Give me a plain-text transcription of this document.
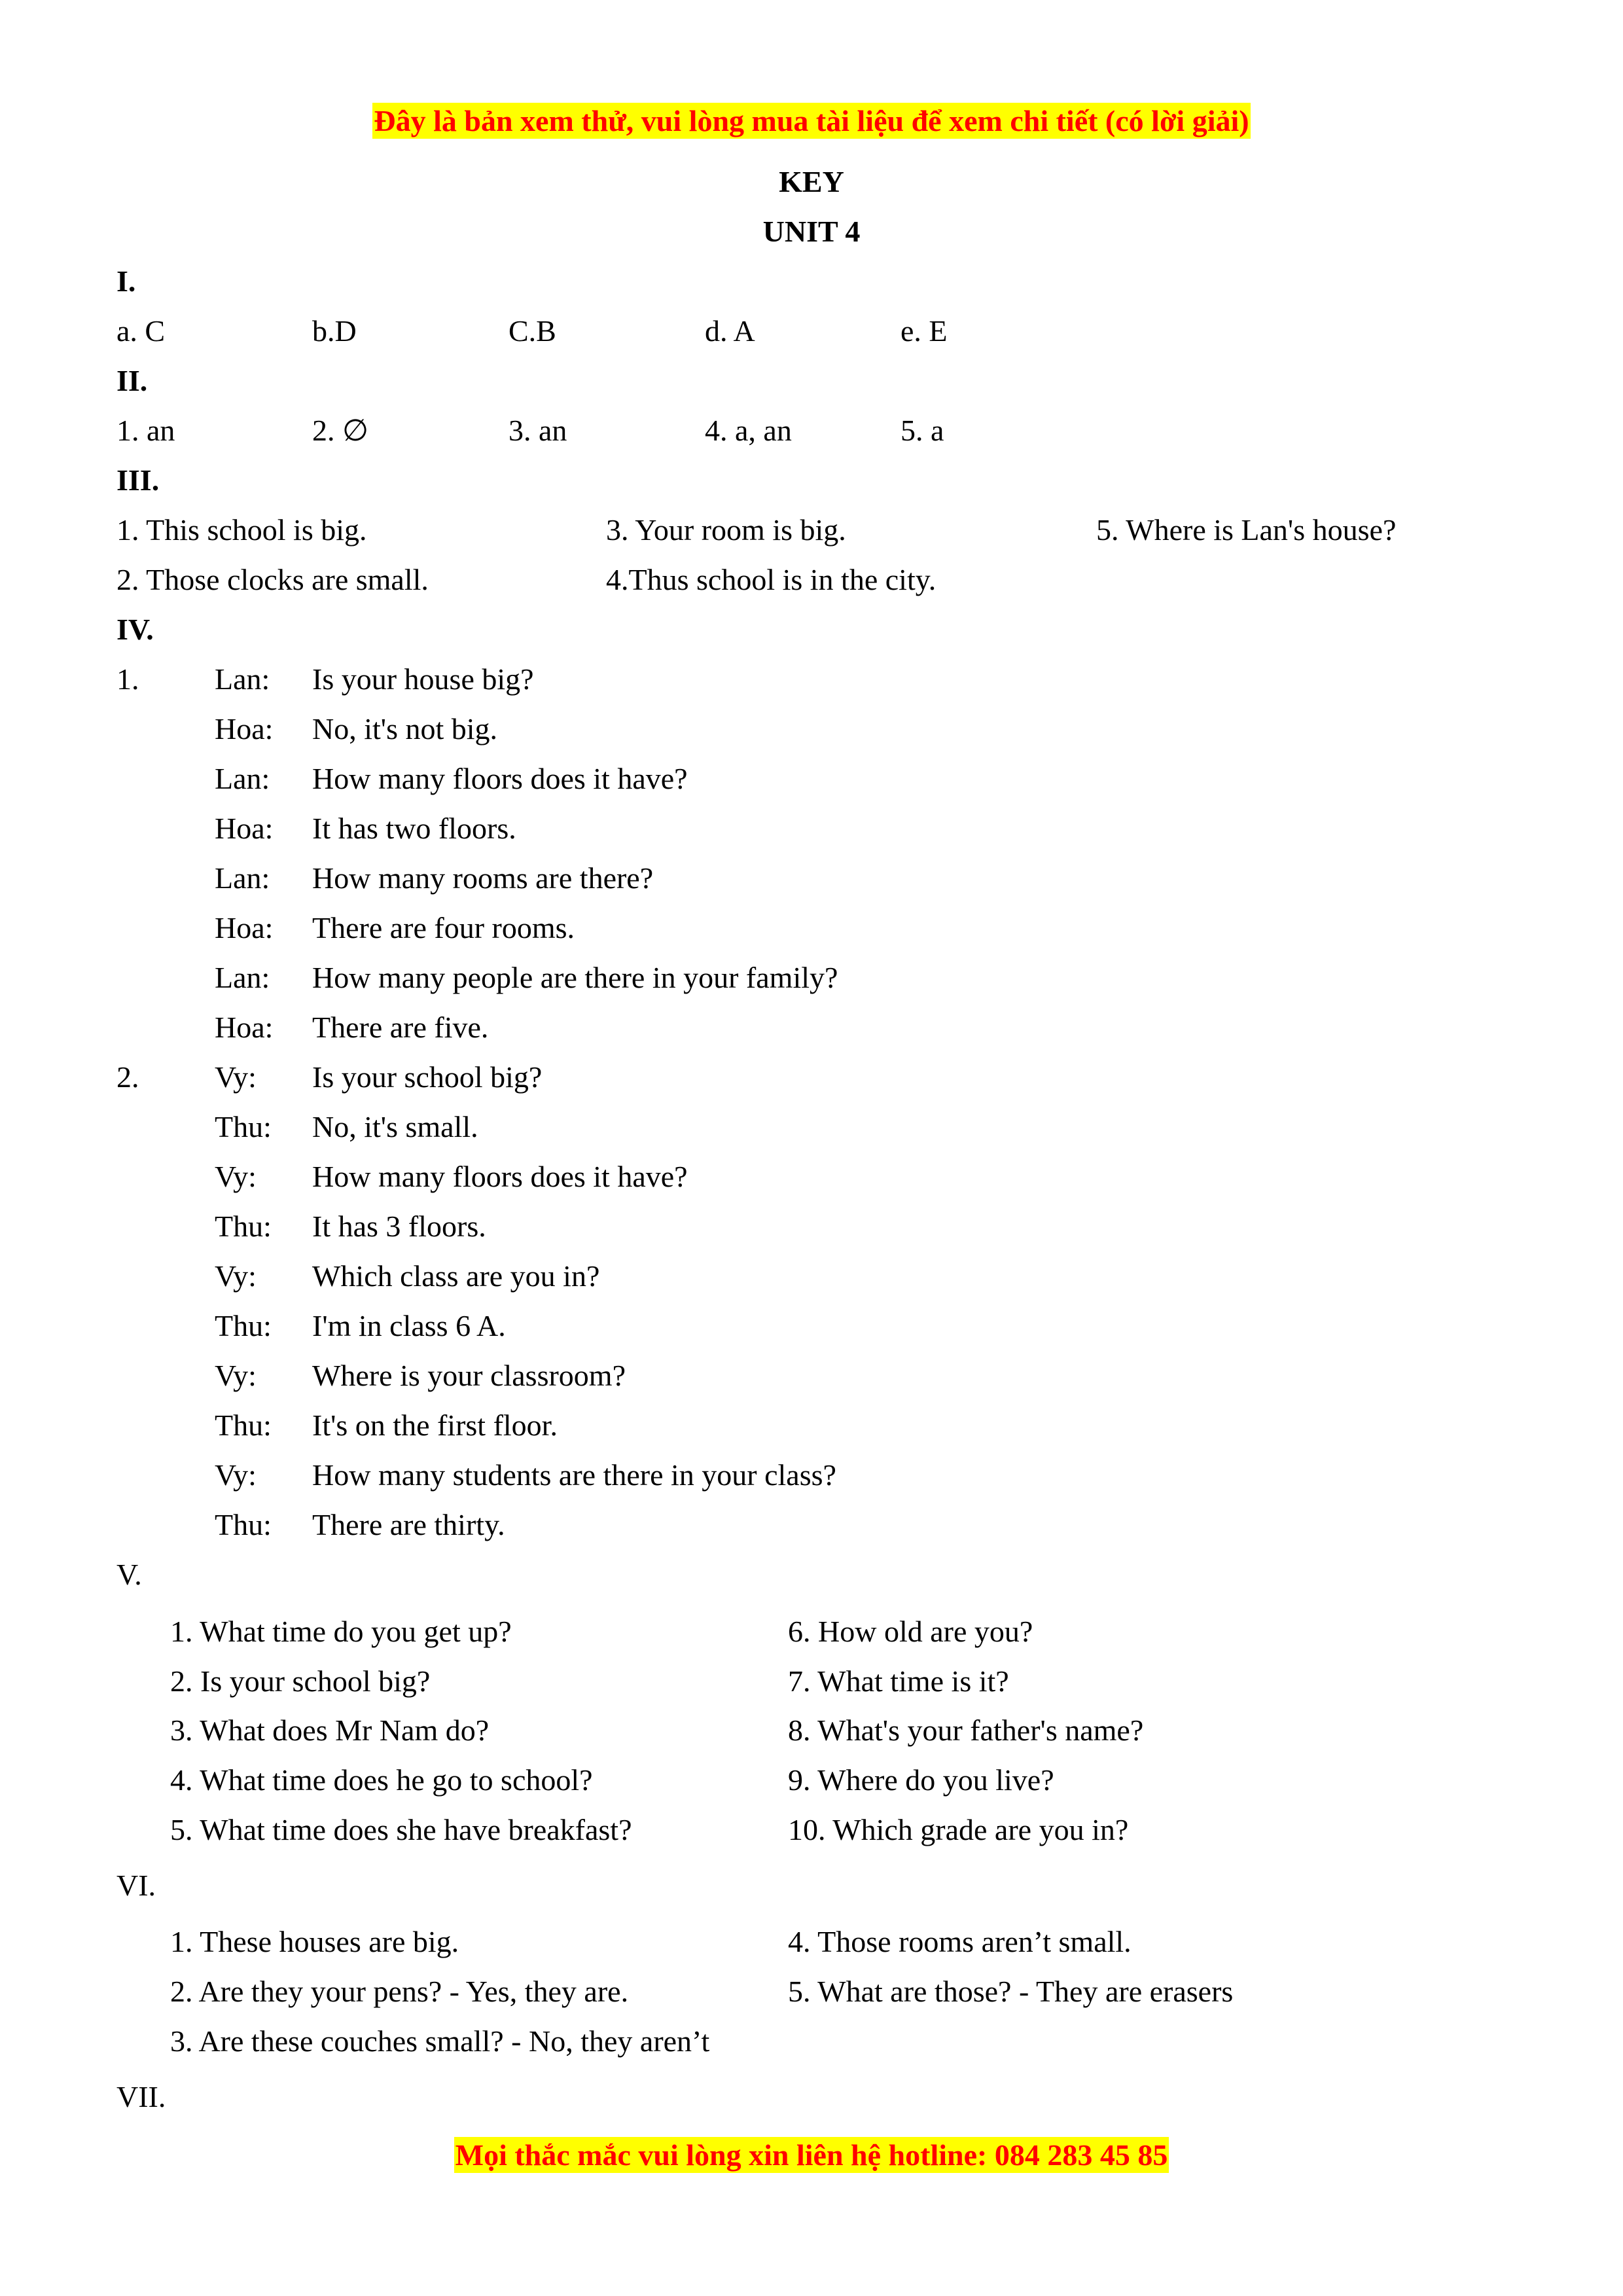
Đây là bản xem thử, vui lòng mua tài liệu để xem chi tiết (có lời giải)
KEY
UNIT 4
I.
a. C	b.D	C.B	d. A	e. E
II.
1. an	2. ∅	3. an	4. a, an	5. a
III.
1. This school is big.	3. Your room is big.	5. Where is Lan's house?
2. Those clocks are small.	4.Thus school is in the city.
IV.
1.	Lan: Is your house big?
Hoa: No, it's not big.
Lan: How many floors does it have?
Hoa: It has two floors.
Lan: How many rooms are there?
Hoa: There are four rooms.
Lan: How many people are there in your family?
Hoa: There are five.
2.	Vy: Is your school big?
Thu: No, it's small.
Vy: How many floors does it have?
Thu: It has 3 floors.
Vy: Which class are you in?
Thu: I'm in class 6 A.
Vy: Where is your classroom?
Thu: It's on the first floor.
Vy: How many students are there in your class?
Thu: There are thirty.
V.
1. What time do you get up?	6. How old are you?
2. Is your school big?	7. What time is it?
3. What does Mr Nam do?	8. What's your father's name?
4. What time does he go to school?	9. Where do you live?
5. What time does she have breakfast?	10. Which grade are you in?
VI.
1. These houses are big.	4. Those rooms aren’t small.
2. Are they your pens? - Yes, they are.	5. What are those? - They are erasers
3. Are these couches small? - No, they aren’t
VII.
Mọi thắc mắc vui lòng xin liên hệ hotline: 084 283 45 85
